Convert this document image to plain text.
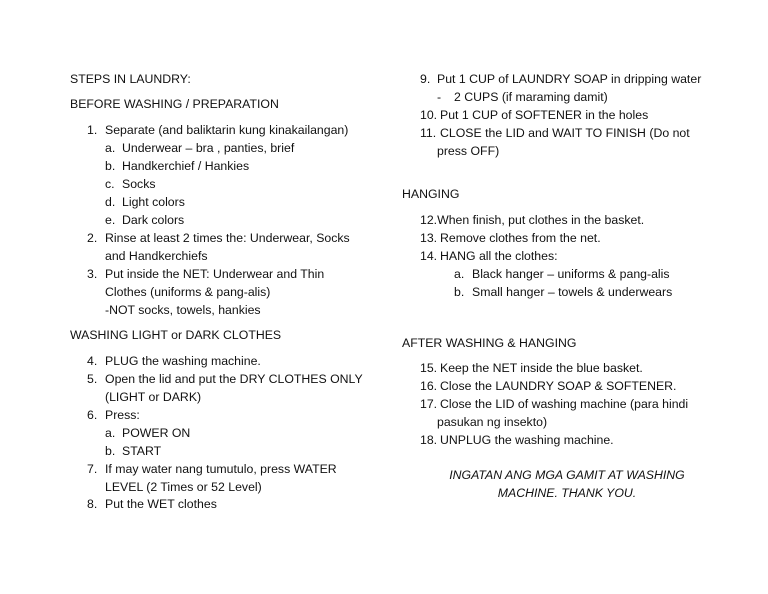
STEPS IN LAUNDRY:
BEFORE WASHING / PREPARATION
1. Separate (and baliktarin kung kinakailangan)
a. Underwear – bra , panties, brief
b. Handkerchief / Hankies
c. Socks
d. Light colors
e. Dark colors
2. Rinse at least 2 times the: Underwear, Socks
and Handkerchiefs
3. Put inside the NET: Underwear and Thin
Clothes (uniforms & pang-alis)
-NOT socks, towels, hankies
WASHING LIGHT or DARK CLOTHES
4. PLUG the washing machine.
5. Open the lid and put the DRY CLOTHES ONLY
(LIGHT or DARK)
6. Press:
a. POWER ON
b. START
7. If may water nang tumutulo, press WATER
LEVEL (2 Times or 52 Level)
8. Put the WET clothes
9. Put 1 CUP of LAUNDRY SOAP in dripping water
- 2 CUPS (if maraming damit)
10. Put 1 CUP of SOFTENER in the holes
11. CLOSE the LID and WAIT TO FINISH (Do not
press OFF)
HANGING
12.When finish, put clothes in the basket.
13. Remove clothes from the net.
14. HANG all the clothes:
a. Black hanger – uniforms & pang-alis
b. Small hanger – towels & underwears
AFTER WASHING & HANGING
15. Keep the NET inside the blue basket.
16. Close the LAUNDRY SOAP & SOFTENER.
17. Close the LID of washing machine (para hindi
pasukan ng insekto)
18. UNPLUG the washing machine.
INGATAN ANG MGA GAMIT AT WASHING
MACHINE. THANK YOU.
